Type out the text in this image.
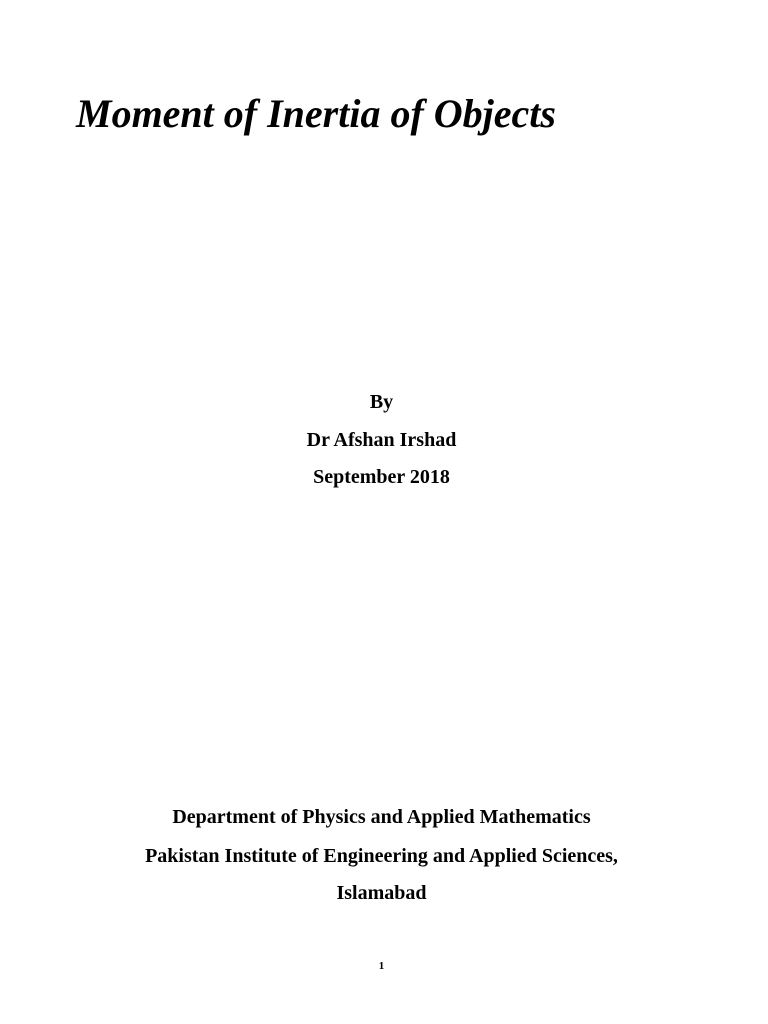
Moment of Inertia of Objects
By
Dr Afshan Irshad
September 2018
Department of Physics and Applied Mathematics
Pakistan Institute of Engineering and Applied Sciences,
Islamabad
1
